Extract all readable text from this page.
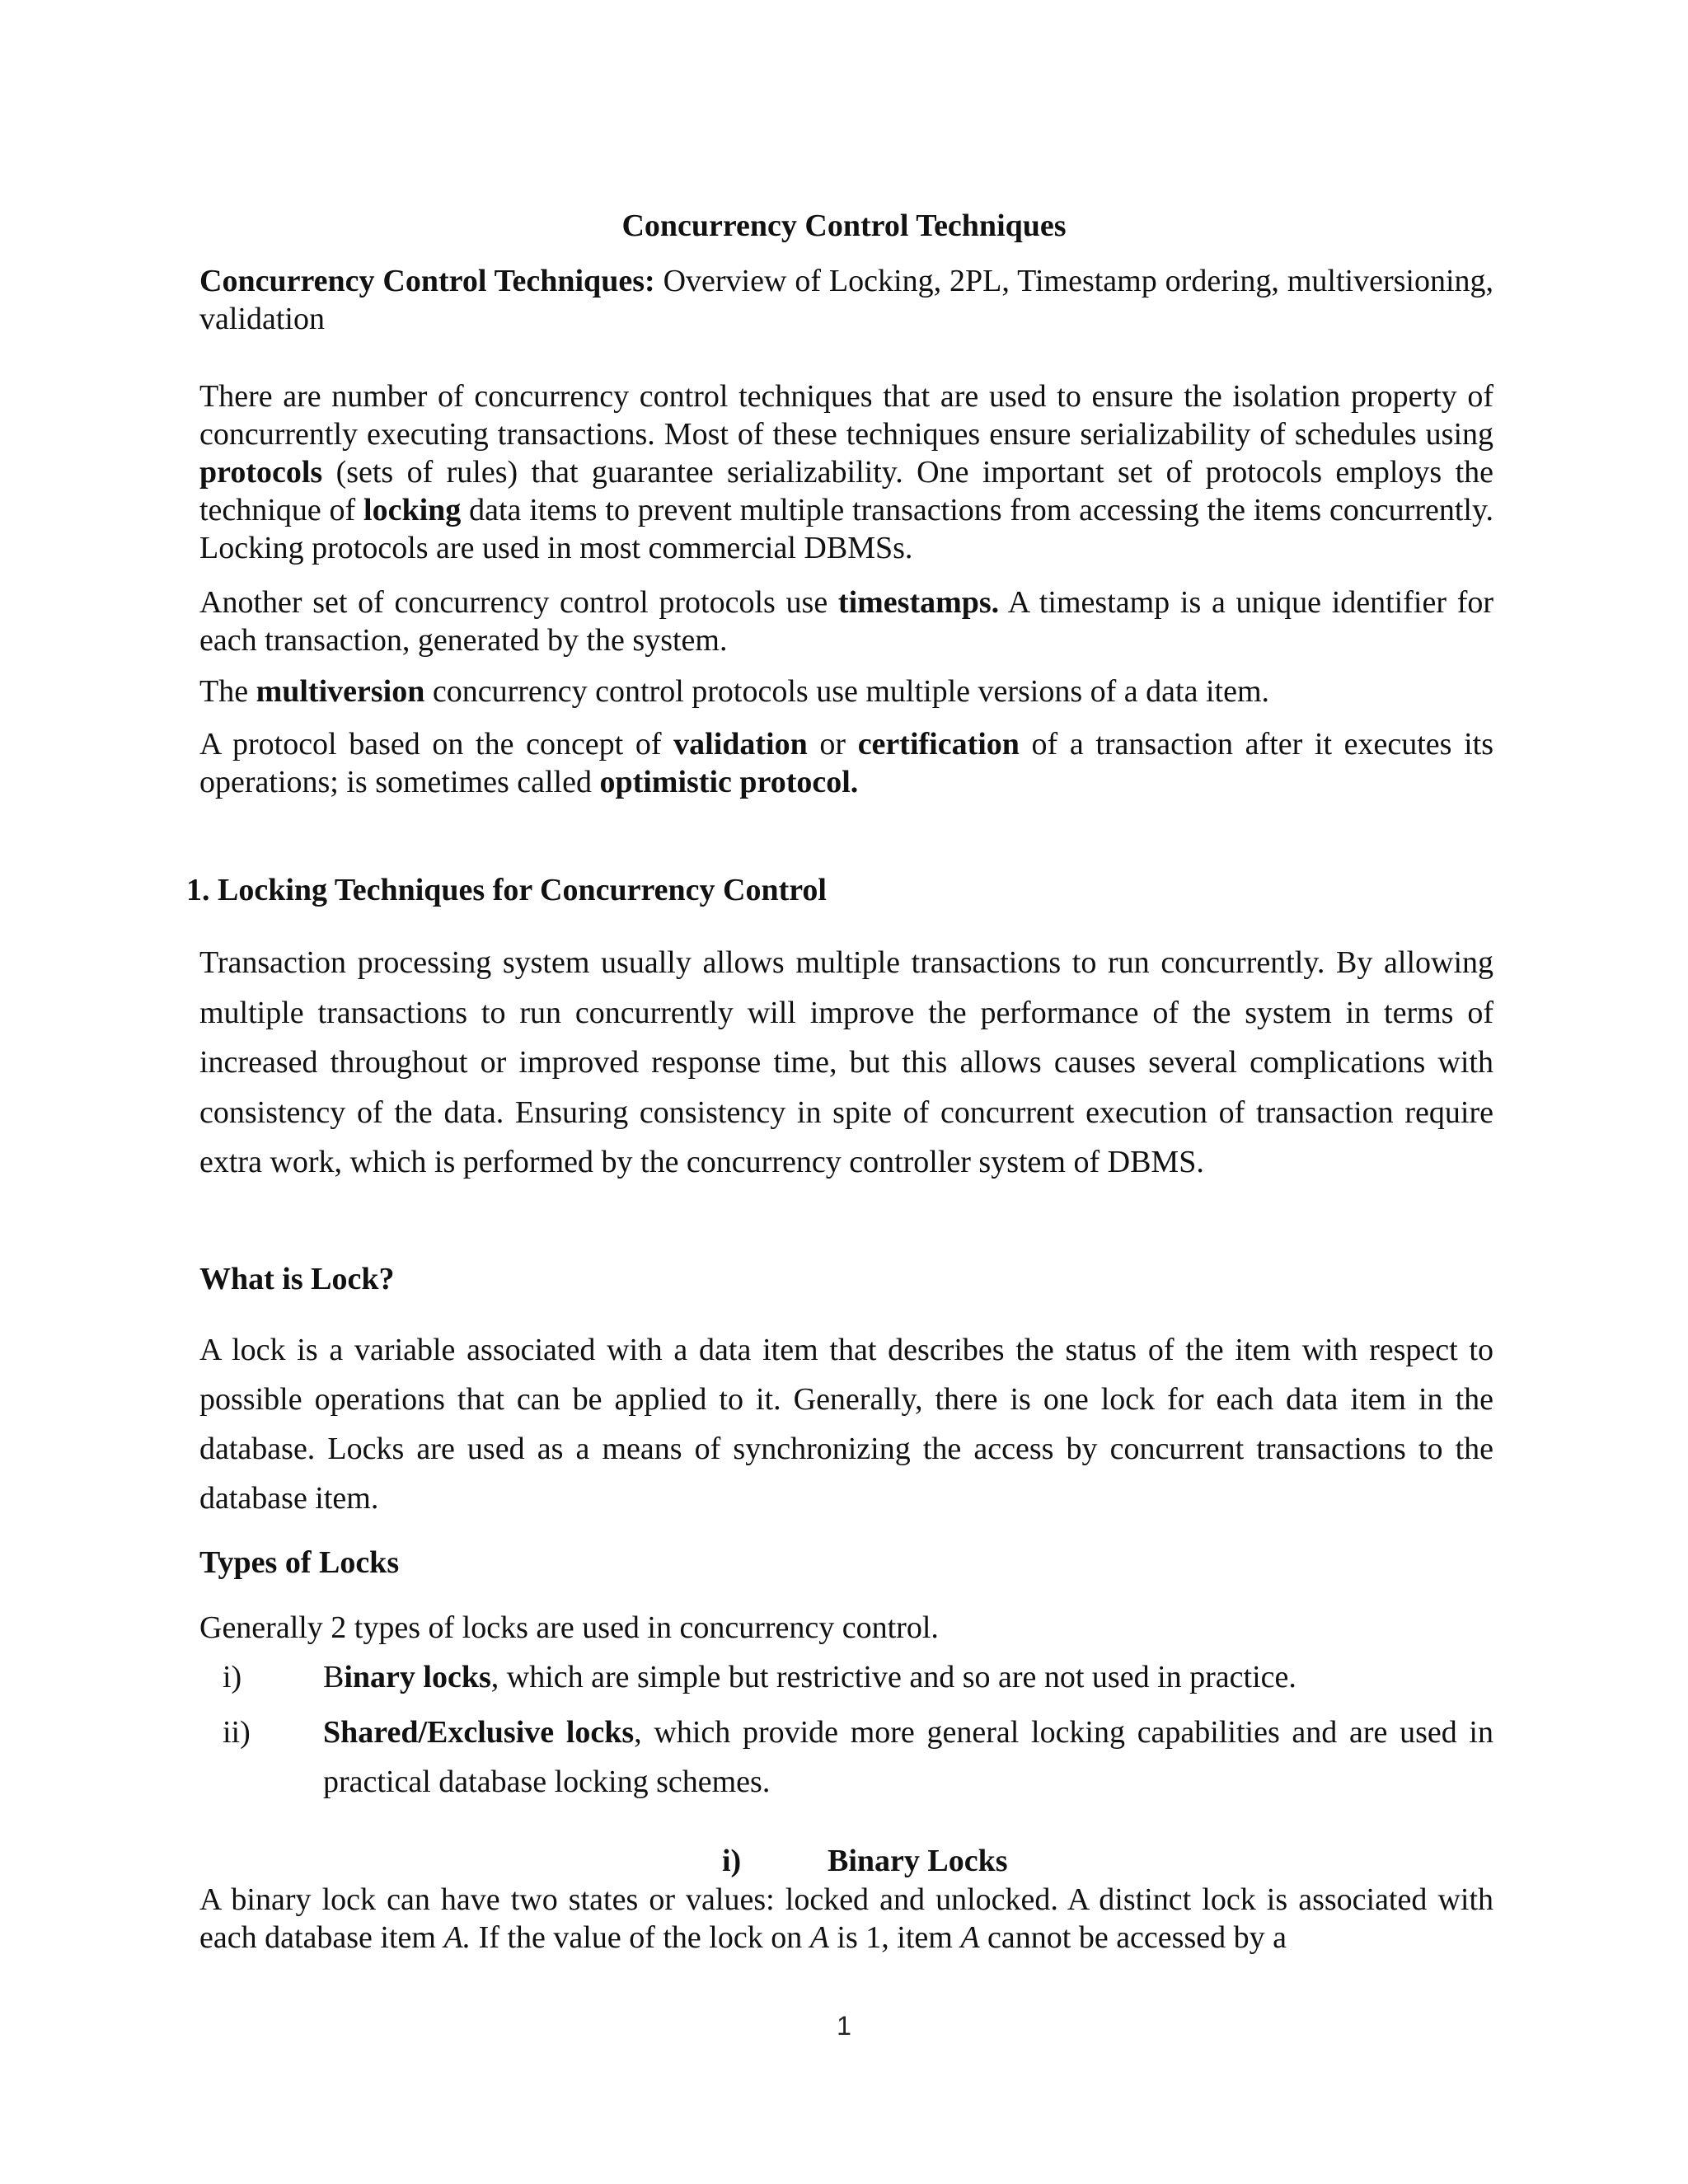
Concurrency Control Techniques

Concurrency Control Techniques: Overview of Locking, 2PL, Timestamp ordering, multiversioning, validation

There are number of concurrency control techniques that are used to ensure the isolation property of concurrently executing transactions. Most of these techniques ensure serializability of schedules using protocols (sets of rules) that guarantee serializability. One important set of protocols employs the technique of locking data items to prevent multiple transactions from accessing the items concurrently. Locking protocols are used in most commercial DBMSs.

Another set of concurrency control protocols use timestamps. A timestamp is a unique identifier for each transaction, generated by the system.

The multiversion concurrency control protocols use multiple versions of a data item.

A protocol based on the concept of validation or certification of a transaction after it executes its operations; is sometimes called optimistic protocol.

1. Locking Techniques for Concurrency Control

Transaction processing system usually allows multiple transactions to run concurrently. By allowing multiple transactions to run concurrently will improve the performance of the system in terms of increased throughout or improved response time, but this allows causes several complications with consistency of the data. Ensuring consistency in spite of concurrent execution of transaction require extra work, which is performed by the concurrency controller system of DBMS.

What is Lock?

A lock is a variable associated with a data item that describes the status of the item with respect to possible operations that can be applied to it. Generally, there is one lock for each data item in the database. Locks are used as a means of synchronizing the access by concurrent transactions to the database item.

Types of Locks

Generally 2 types of locks are used in concurrency control.

i)	Binary locks, which are simple but restrictive and so are not used in practice.
ii) Shared/Exclusive locks, which provide more general locking capabilities and are used in practical database locking schemes.
i)	Binary Locks

A binary lock can have two states or values: locked and unlocked. A distinct lock is associated with each database item A. If the value of the lock on A is 1, item A cannot be accessed by a

1
